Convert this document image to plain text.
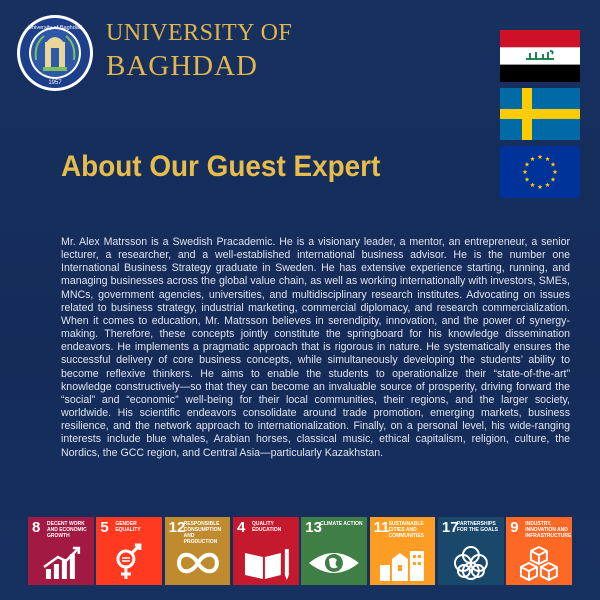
University of Baghdad
1957
UNIVERSITY OF
BAGHDAD
About Our Guest Expert

Mr. Alex Matrsson is a Swedish Pracademic. He is a visionary leader, a mentor, an entrepreneur, a senior lecturer, a researcher, and a well-established international business advisor. He is the number one International Business Strategy graduate in Sweden. He has extensive experience starting, running, and managing businesses across the global value chain, as well as working internationally with investors, SMEs, MNCs, government agencies, universities, and multidisciplinary research institutes. Advocating on issues related to business strategy, industrial marketing, commercial diplomacy, and research commercialization. When it comes to education, Mr. Matrsson believes in serendipity, innovation, and the power of synergy-making. Therefore, these concepts jointly constitute the springboard for his knowledge dissemination endeavors. He implements a pragmatic approach that is rigorous in nature. He systematically ensures the successful delivery of core business concepts, while simultaneously developing the students’ ability to become reflexive thinkers. He aims to enable the students to operationalize their “state-of-the-art” knowledge constructively—so that they can become an invaluable source of prosperity, driving forward the “social” and “economic” well-being for their local communities, their regions, and the larger society, worldwide. His scientific endeavors consolidate around trade promotion, emerging markets, business resilience, and the network approach to internationalization. Finally, on a personal level, his wide-ranging interests include blue whales, Arabian horses, classical music, ethical capitalism, religion, culture, the Nordics, the GCC region, and Central Asia—particularly Kazakhstan.

8 DECENT WORK AND ECONOMIC GROWTH	5 GENDER EQUALITY	12
RESPONSIBLE CONSUMPTION AND PRODUCTION
4 QUALITY EDUCATION	13
CLIMATE ACTION 11 SUSTAINABLE CITIES AND COMMUNITIES	17
PARTNERSHIPS FOR THE GOALS 9 INDUSTRY, INNOVATION AND INFRASTRUCTURE
